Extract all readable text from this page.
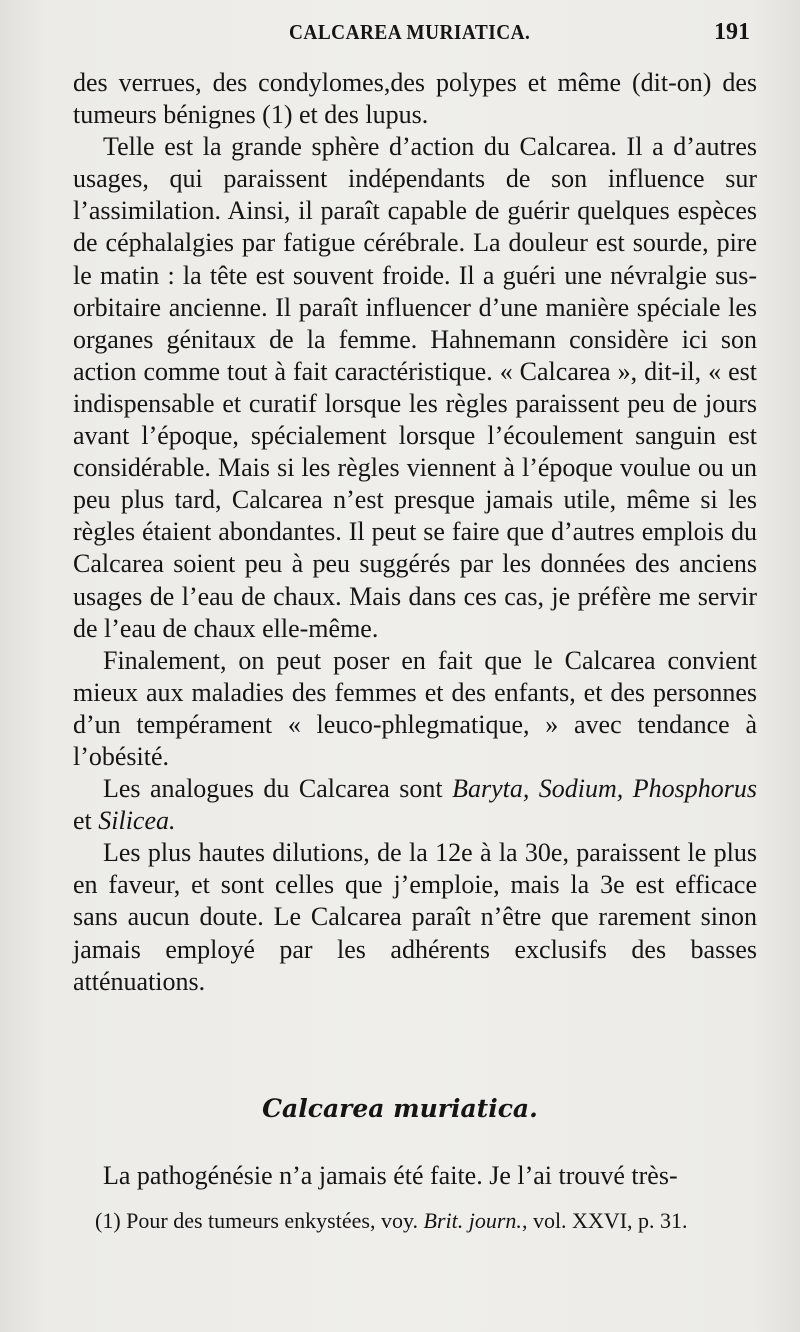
CALCAREA MURIATICA.	191

des verrues, des condylomes,des polypes et même (dit-on) des tumeurs bénignes (1) et des lupus.

Telle est la grande sphère d’action du Calcarea. Il a d’autres usages, qui paraissent indépendants de son influence sur l’assimilation. Ainsi, il paraît capable de guérir quelques espèces de céphalalgies par fatigue cérébrale. La douleur est sourde, pire le matin : la tête est souvent froide. Il a guéri une névralgie sus-orbitaire ancienne. Il paraît influencer d’une manière spéciale les organes génitaux de la femme. Hahnemann considère ici son action comme tout à fait caractéristique. « Calcarea », dit-il, « est indispensable et curatif lorsque les règles paraissent peu de jours avant l’époque, spécialement lorsque l’écoulement sanguin est considérable. Mais si les règles viennent à l’époque voulue ou un peu plus tard, Calcarea n’est presque jamais utile, même si les règles étaient abondantes. Il peut se faire que d’autres emplois du Calcarea soient peu à peu suggérés par les données des anciens usages de l’eau de chaux. Mais dans ces cas, je préfère me servir de l’eau de chaux elle-même.

Finalement, on peut poser en fait que le Calcarea convient mieux aux maladies des femmes et des enfants, et des personnes d’un tempérament « leuco-phlegmatique, » avec tendance à l’obésité.

Les analogues du Calcarea sont Baryta, Sodium, Phosphorus et Silicea.

Les plus hautes dilutions, de la 12e à la 30e, paraissent le plus en faveur, et sont celles que j’emploie, mais la 3e est efficace sans aucun doute. Le Calcarea paraît n’être que rarement sinon jamais employé par les adhérents exclusifs des basses atténuations.

Calcarea muriatica.

La pathogénésie n’a jamais été faite. Je l’ai trouvé très-

(1) Pour des tumeurs enkystées, voy. Brit. journ., vol. XXVI, p. 31.
